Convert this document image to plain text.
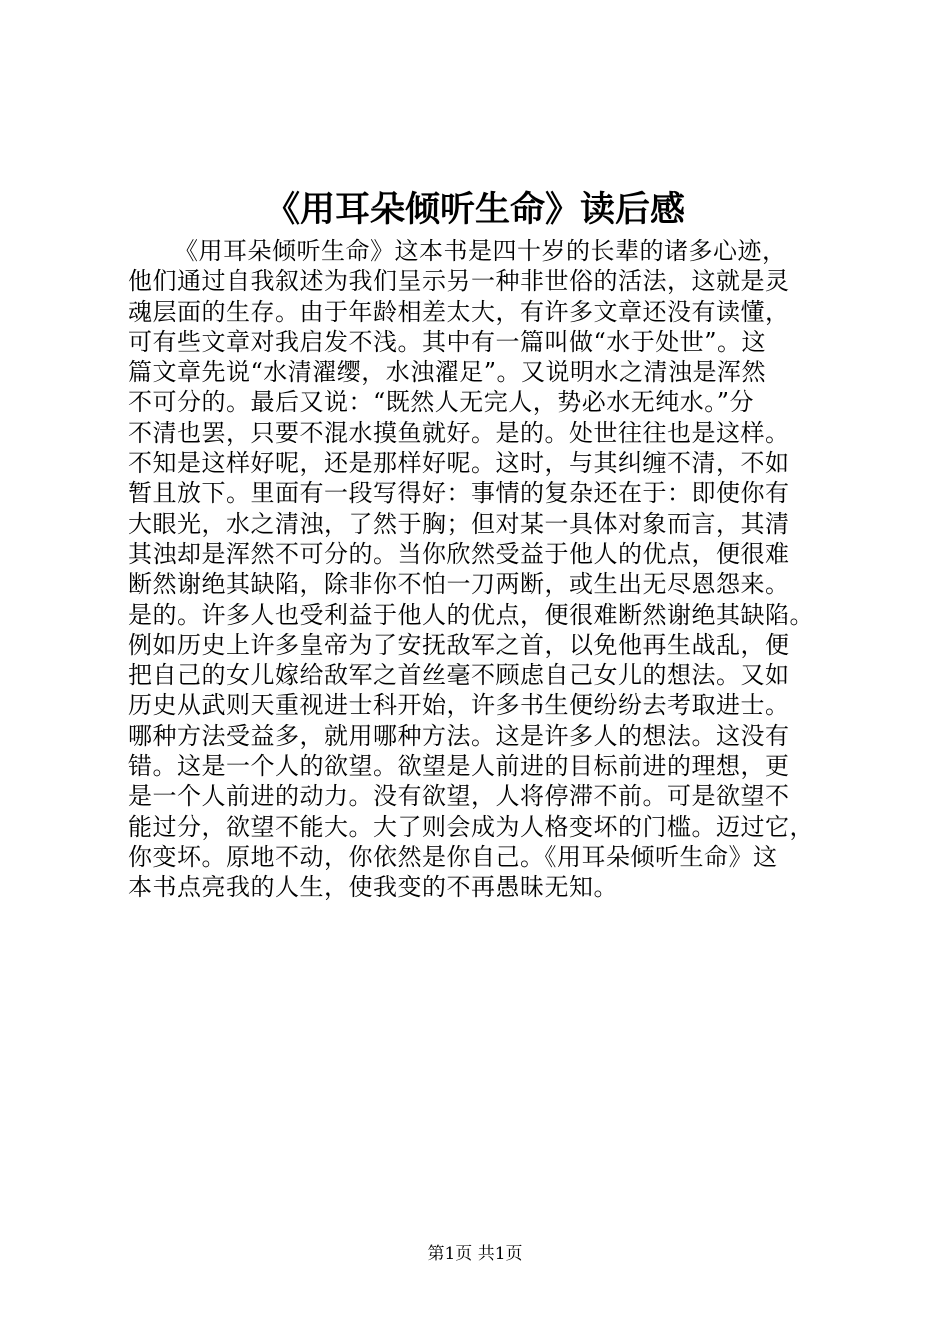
《用耳朵倾听生命》读后感
《用耳朵倾听生命》这本书是四十岁的长辈的诸多心迹，
他们通过自我叙述为我们呈示另一种非世俗的活法，这就是灵
魂层面的生存。由于年龄相差太大，有许多文章还没有读懂，
可有些文章对我启发不浅。其中有一篇叫做“水于处世”。这
篇文章先说“水清濯缨，水浊濯足”。又说明水之清浊是浑然
不可分的。最后又说：“既然人无完人，势必水无纯水。”分
不清也罢，只要不混水摸鱼就好。是的。处世往往也是这样。
不知是这样好呢，还是那样好呢。这时，与其纠缠不清，不如
暂且放下。里面有一段写得好：事情的复杂还在于：即使你有
大眼光，水之清浊，了然于胸；但对某一具体对象而言，其清
其浊却是浑然不可分的。当你欣然受益于他人的优点，便很难
断然谢绝其缺陷，除非你不怕一刀两断，或生出无尽恩怨来。
是的。许多人也受利益于他人的优点，便很难断然谢绝其缺陷。
例如历史上许多皇帝为了安抚敌军之首，以免他再生战乱，便
把自己的女儿嫁给敌军之首丝毫不顾虑自己女儿的想法。又如
历史从武则天重视进士科开始，许多书生便纷纷去考取进士。
哪种方法受益多，就用哪种方法。这是许多人的想法。这没有
错。这是一个人的欲望。欲望是人前进的目标前进的理想，更
是一个人前进的动力。没有欲望，人将停滞不前。可是欲望不
能过分，欲望不能大。大了则会成为人格变坏的门槛。迈过它，
你变坏。原地不动，你依然是你自己。《用耳朵倾听生命》这
本书点亮我的人生，使我变的不再愚昧无知。
第1页 共1页
